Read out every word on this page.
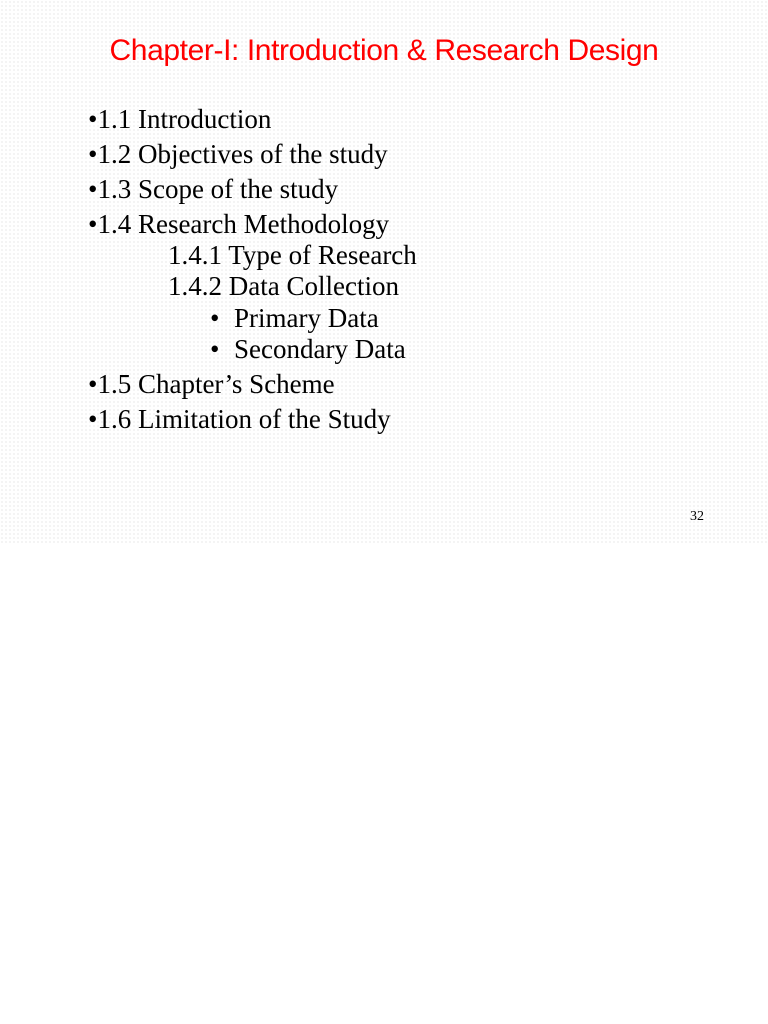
Chapter-I: Introduction & Research Design
•1.1 Introduction
•1.2 Objectives of the study
•1.3 Scope of the study
•1.4 Research Methodology
1.4.1 Type of Research
1.4.2 Data Collection
• Primary Data
• Secondary Data
•1.5 Chapter’s Scheme
•1.6 Limitation of the Study
32
